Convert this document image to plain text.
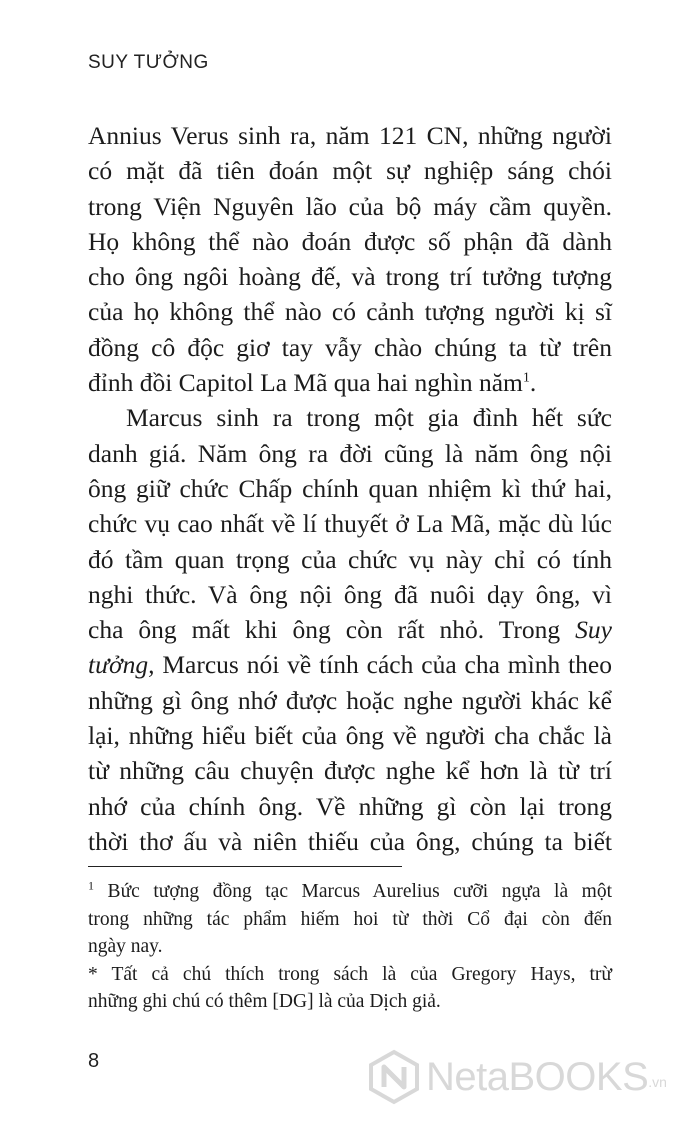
SUY TƯỞNG
Annius Verus sinh ra, năm 121 CN, những người
có mặt đã tiên đoán một sự nghiệp sáng chói
trong Viện Nguyên lão của bộ máy cầm quyền.
Họ không thể nào đoán được số phận đã dành
cho ông ngôi hoàng đế, và trong trí tưởng tượng
của họ không thể nào có cảnh tượng người kị sĩ
đồng cô độc giơ tay vẫy chào chúng ta từ trên
đỉnh đồi Capitol La Mã qua hai nghìn năm$^1$.
Marcus sinh ra trong một gia đình hết sức
danh giá. Năm ông ra đời cũng là năm ông nội
ông giữ chức Chấp chính quan nhiệm kì thứ hai,
chức vụ cao nhất về lí thuyết ở La Mã, mặc dù lúc
đó tầm quan trọng của chức vụ này chỉ có tính
nghi thức. Và ông nội ông đã nuôi dạy ông, vì
cha ông mất khi ông còn rất nhỏ. Trong Suy
tưởng, Marcus nói về tính cách của cha mình theo
những gì ông nhớ được hoặc nghe người khác kể
lại, những hiểu biết của ông về người cha chắc là
từ những câu chuyện được nghe kể hơn là từ trí
nhớ của chính ông. Về những gì còn lại trong
thời thơ ấu và niên thiếu của ông, chúng ta biết
$^1$ Bức tượng đồng tạc Marcus Aurelius cưỡi ngựa là một
trong những tác phẩm hiếm hoi từ thời Cổ đại còn đến
ngày nay.
* Tất cả chú thích trong sách là của Gregory Hays, trừ
những ghi chú có thêm [DG] là của Dịch giả.
8	NetaBOOKS .vn
